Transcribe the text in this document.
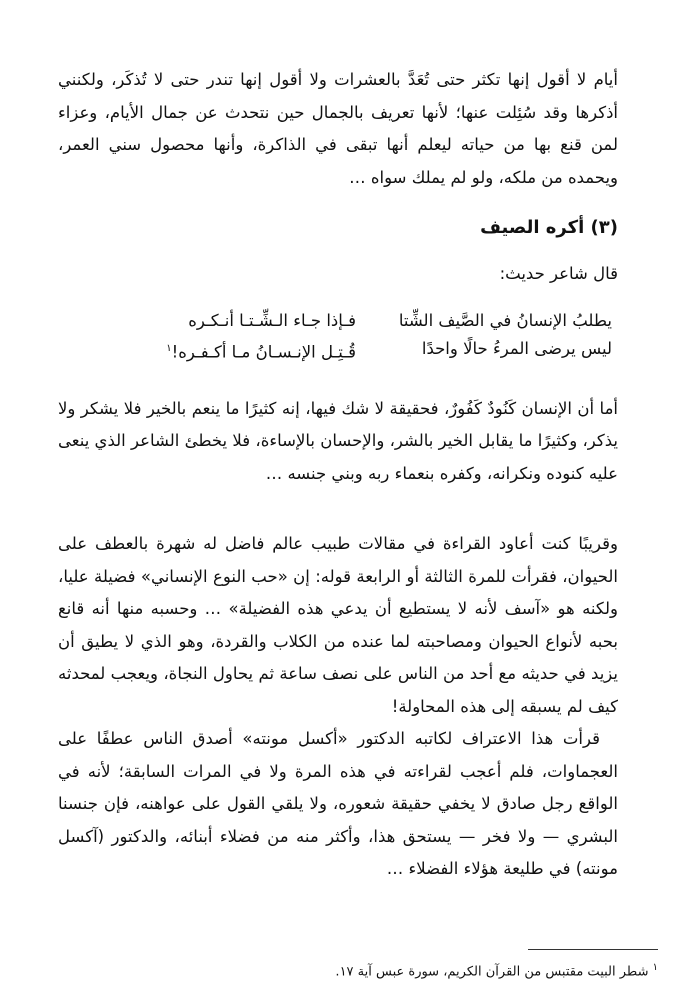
أيام لا أقول إنها تكثر حتى تُعَدَّ بالعشرات ولا أقول إنها تندر حتى لا تُذكَر، ولكنني أذكرها وقد سُئِلت عنها؛ لأنها تعريف بالجمال حين نتحدث عن جمال الأيام، وعزاء لمن قنع بها من حياته ليعلم أنها تبقى في الذاكرة، وأنها محصول سني العمر، ويحمده من ملكه، ولو لم يملك سواه …

(٣) أكره الصيف

قال شاعر حديث:

يطلبُ الإنسانُ في الصَّيف الشِّتا
فـإذا جـاء الـشِّـتـا أنـكـره
ليس يرضى المرءُ حالًا واحدًا
قُـتِـل الإنـسـانُ مـا أكـفـره!$^١$

أما أن الإنسان كَنُودٌ كَفُورٌ، فحقيقة لا شك فيها، إنه كثيرًا ما ينعم بالخير فلا يشكر ولا يذكر، وكثيرًا ما يقابل الخير بالشر، والإحسان بالإساءة، فلا يخطئ الشاعر الذي ينعى عليه كنوده ونكرانه، وكفره بنعماء ربه وبني جنسه …

وقريبًا كنت أعاود القراءة في مقالات طبيب عالم فاضل له شهرة بالعطف على الحيوان، فقرأت للمرة الثالثة أو الرابعة قوله: إن «حب النوع الإنساني» فضيلة عليا، ولكنه هو «آسف لأنه لا يستطيع أن يدعي هذه الفضيلة» … وحسبه منها أنه قانع بحبه لأنواع الحيوان ومصاحبته لما عنده من الكلاب والقردة، وهو الذي لا يطيق أن يزيد في حديثه مع أحد من الناس على نصف ساعة ثم يحاول النجاة، ويعجب لمحدثه كيف لم يسبقه إلى هذه المحاولة!

قرأت هذا الاعتراف لكاتبه الدكتور «أكسل مونته» أصدق الناس عطفًا على العجماوات، فلم أعجب لقراءته في هذه المرة ولا في المرات السابقة؛ لأنه في الواقع رجل صادق لا يخفي حقيقة شعوره، ولا يلقي القول على عواهنه، فإن جنسنا البشري — ولا فخر — يستحق هذا، وأكثر منه من فضلاء أبنائه، والدكتور (آكسل مونته) في طليعة هؤلاء الفضلاء …

$^١$ شطر البيت مقتبس من القرآن الكريم، سورة عبس آية ١٧.
